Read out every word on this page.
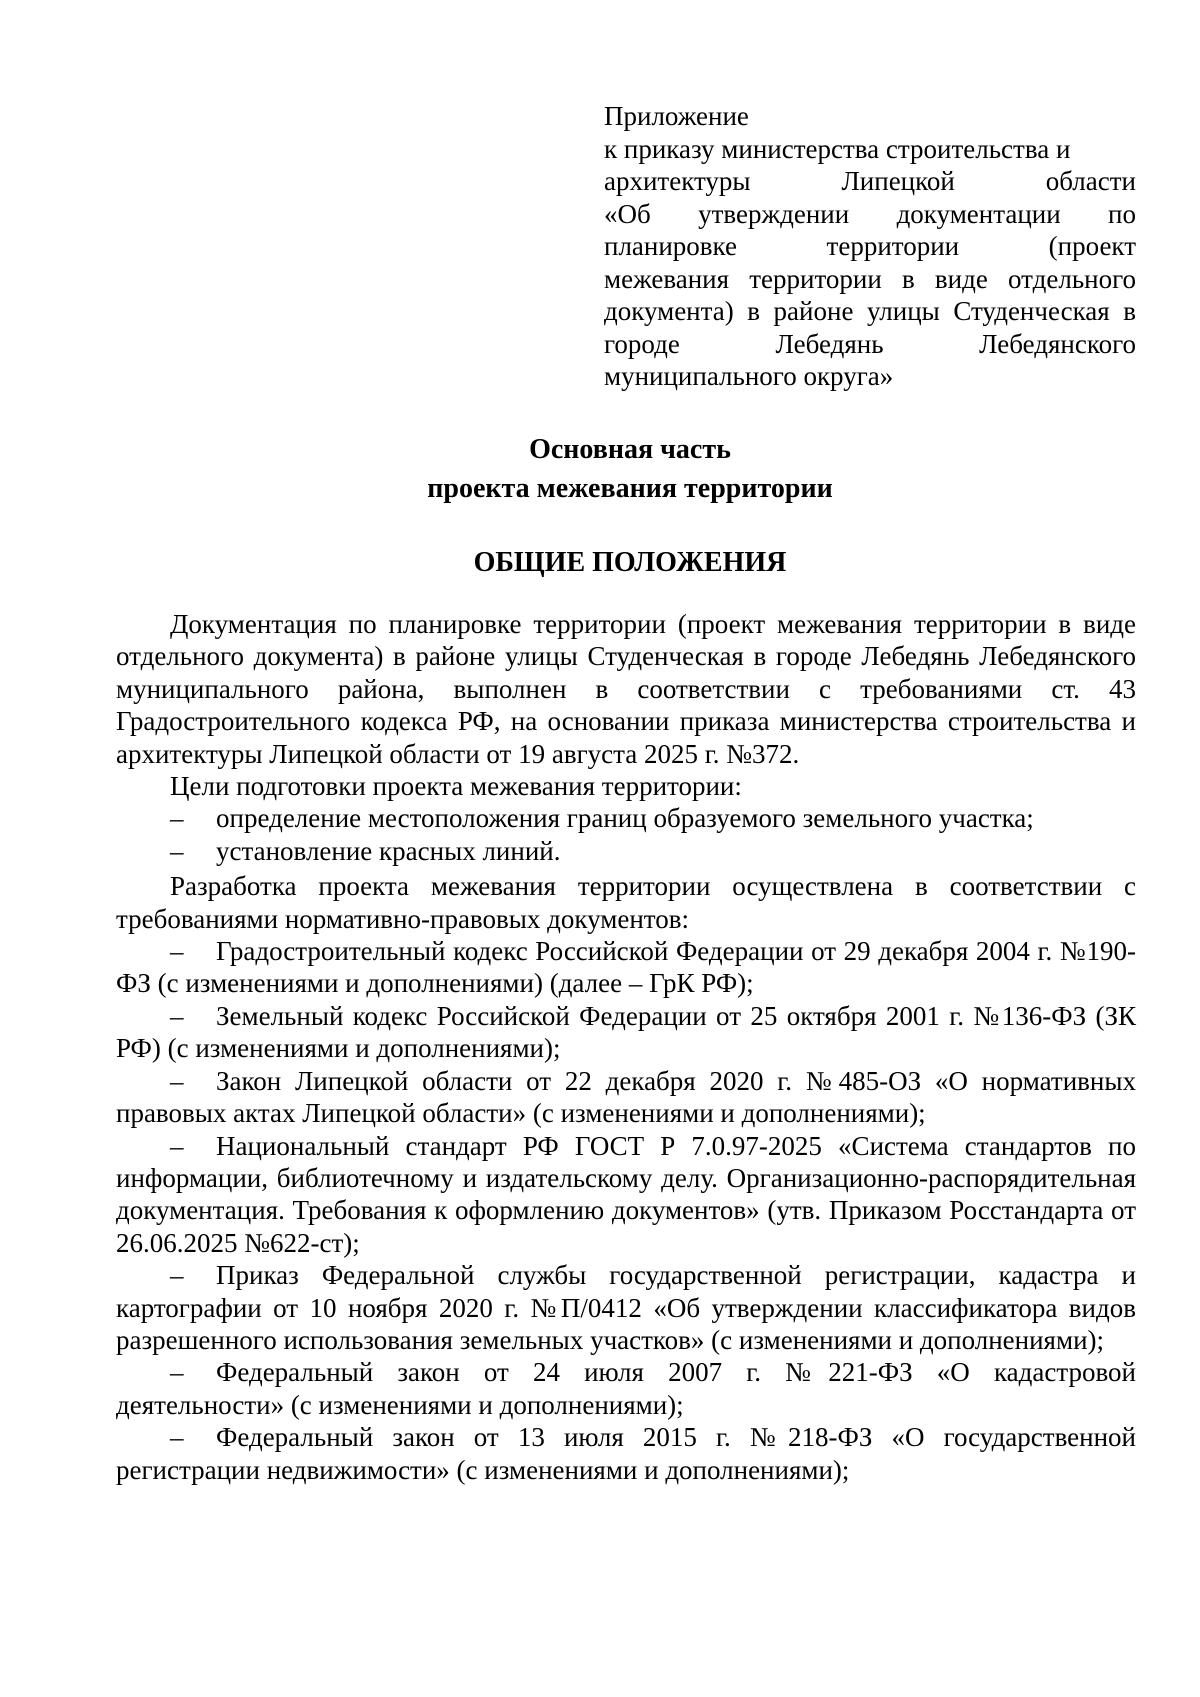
Приложение
к приказу министерства строительства и
архитектуры Липецкой области
«Об утверждении документации по
планировке территории (проект
межевания территории в виде отдельного
документа) в районе улицы Студенческая в
городе Лебедянь Лебедянского
муниципального округа»
Основная часть
проекта межевания территории
ОБЩИЕ ПОЛОЖЕНИЯ

Документация по планировке территории (проект межевания территории в виде отдельного документа) в районе улицы Студенческая в городе Лебедянь Лебедянского муниципального района, выполнен в соответствии с требованиями ст. 43 Градостроительного кодекса РФ, на основании приказа министерства строительства и архитектуры Липецкой области от 19 августа 2025 г. №372.

Цели подготовки проекта межевания территории:

– определение местоположения границ образуемого земельного участка;

– установление красных линий.

Разработка проекта межевания территории осуществлена в соответствии с требованиями нормативно-правовых документов:

– Градостроительный кодекс Российской Федерации от 29 декабря 2004 г. №190-ФЗ (с изменениями и дополнениями) (далее – ГрК РФ);

– Земельный кодекс Российской Федерации от 25 октября 2001 г. №136-ФЗ (ЗК РФ) (с изменениями и дополнениями);

– Закон Липецкой области от 22 декабря 2020 г. №485-ОЗ «О нормативных правовых актах Липецкой области» (с изменениями и дополнениями);

– Национальный стандарт РФ ГОСТ Р 7.0.97-2025 «Система стандартов по информации, библиотечному и издательскому делу. Организационно-распорядительная документация. Требования к оформлению документов» (утв. Приказом Росстандарта от 26.06.2025 №622-ст);

– Приказ Федеральной службы государственной регистрации, кадастра и картографии от 10 ноября 2020 г. №П/0412 «Об утверждении классификатора видов разрешенного использования земельных участков» (с изменениями и дополнениями);

– Федеральный закон от 24 июля 2007 г. №221-ФЗ «О кадастровой деятельности» (с изменениями и дополнениями);

– Федеральный закон от 13 июля 2015 г. №218-ФЗ «О государственной регистрации недвижимости» (с изменениями и дополнениями);
